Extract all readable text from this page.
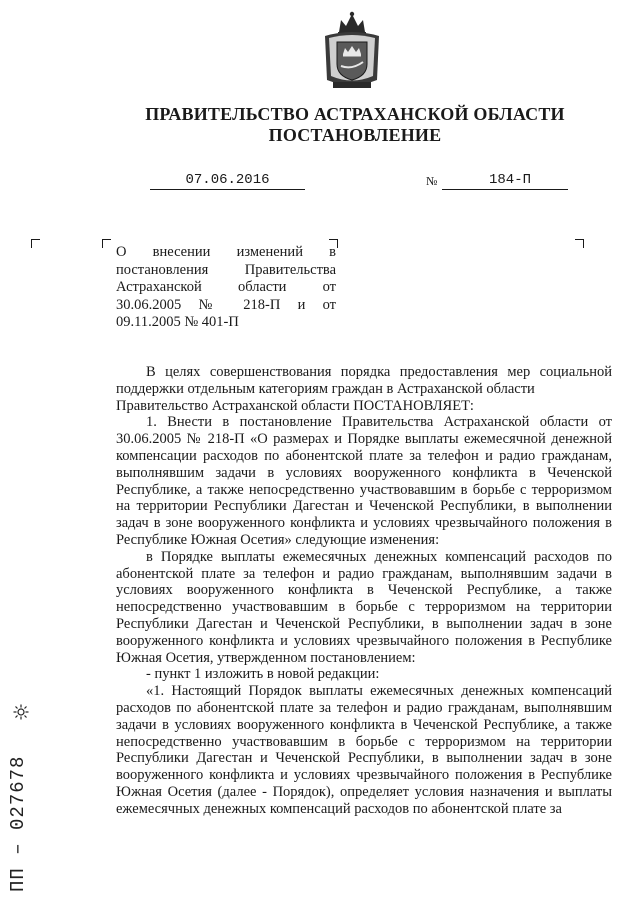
ПРАВИТЕЛЬСТВО АСТРАХАНСКОЙ ОБЛАСТИ
ПОСТАНОВЛЕНИЕ
07.06.2016	№	184-П
О внесении изменений в постановления Правительства Астраханской области от 30.06.2005 № 218-П и от 09.11.2005 № 401-П

В целях совершенствования порядка предоставления мер социальной поддержки отдельным категориям граждан в Астраханской области

Правительство Астраханской области ПОСТАНОВЛЯЕТ:

1. Внести в постановление Правительства Астраханской области от 30.06.2005 № 218-П «О размерах и Порядке выплаты ежемесячной денежной компенсации расходов по абонентской плате за телефон и радио гражданам, выполнявшим задачи в условиях вооруженного конфликта в Чеченской Республике, а также непосредственно участвовавшим в борьбе с терроризмом на территории Республики Дагестан и Чеченской Республики, в выполнении задач в зоне вооруженного конфликта и условиях чрезвычайного положения в Республике Южная Осетия» следующие изменения:

в Порядке выплаты ежемесячных денежных компенсаций расходов по абонентской плате за телефон и радио гражданам, выполнявшим задачи в условиях вооруженного конфликта в Чеченской Республике, а также непосредственно участвовавшим в борьбе с терроризмом на территории Республики Дагестан и Чеченской Республики, в выполнении задач в зоне вооруженного конфликта и условиях чрезвычайного положения в Республике Южная Осетия, утвержденном постановлением:

- пункт 1 изложить в новой редакции:

«1. Настоящий Порядок выплаты ежемесячных денежных компенсаций расходов по абонентской плате за телефон и радио гражданам, выполнявшим задачи в условиях вооруженного конфликта в Чеченской Республике, а также непосредственно участвовавшим в борьбе с терроризмом на территории Республики Дагестан и Чеченской Республики, в выполнении задач в зоне вооруженного конфликта и условиях чрезвычайного положения в Республике Южная Осетия (далее - Порядок), определяет условия назначения и выплаты ежемесячных денежных компенсаций расходов по абонентской плате за

ПП – 027678
